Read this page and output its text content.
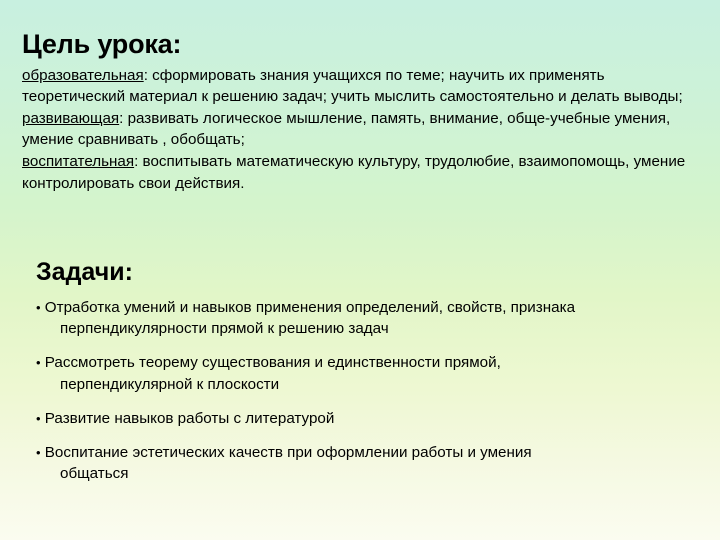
Цель урока:

образовательная: сформировать знания учащихся по теме; научить их применять теоретический материал к решению задач; учить мыслить самостоятельно и делать выводы;

развивающая: развивать логическое мышление, память, внимание, обще-учебные умения, умение сравнивать , обобщать;

воспитательная: воспитывать математическую культуру, трудолюбие, взаимопомощь, умение контролировать свои действия.

Задачи:
• Отработка умений и навыков применения определений, свойств, признака
перпендикулярности прямой к решению задач
• Рассмотреть теорему существования и единственности прямой,
перпендикулярной к плоскости
• Развитие навыков работы с литературой
• Воспитание эстетических качеств при оформлении работы и умения
общаться
